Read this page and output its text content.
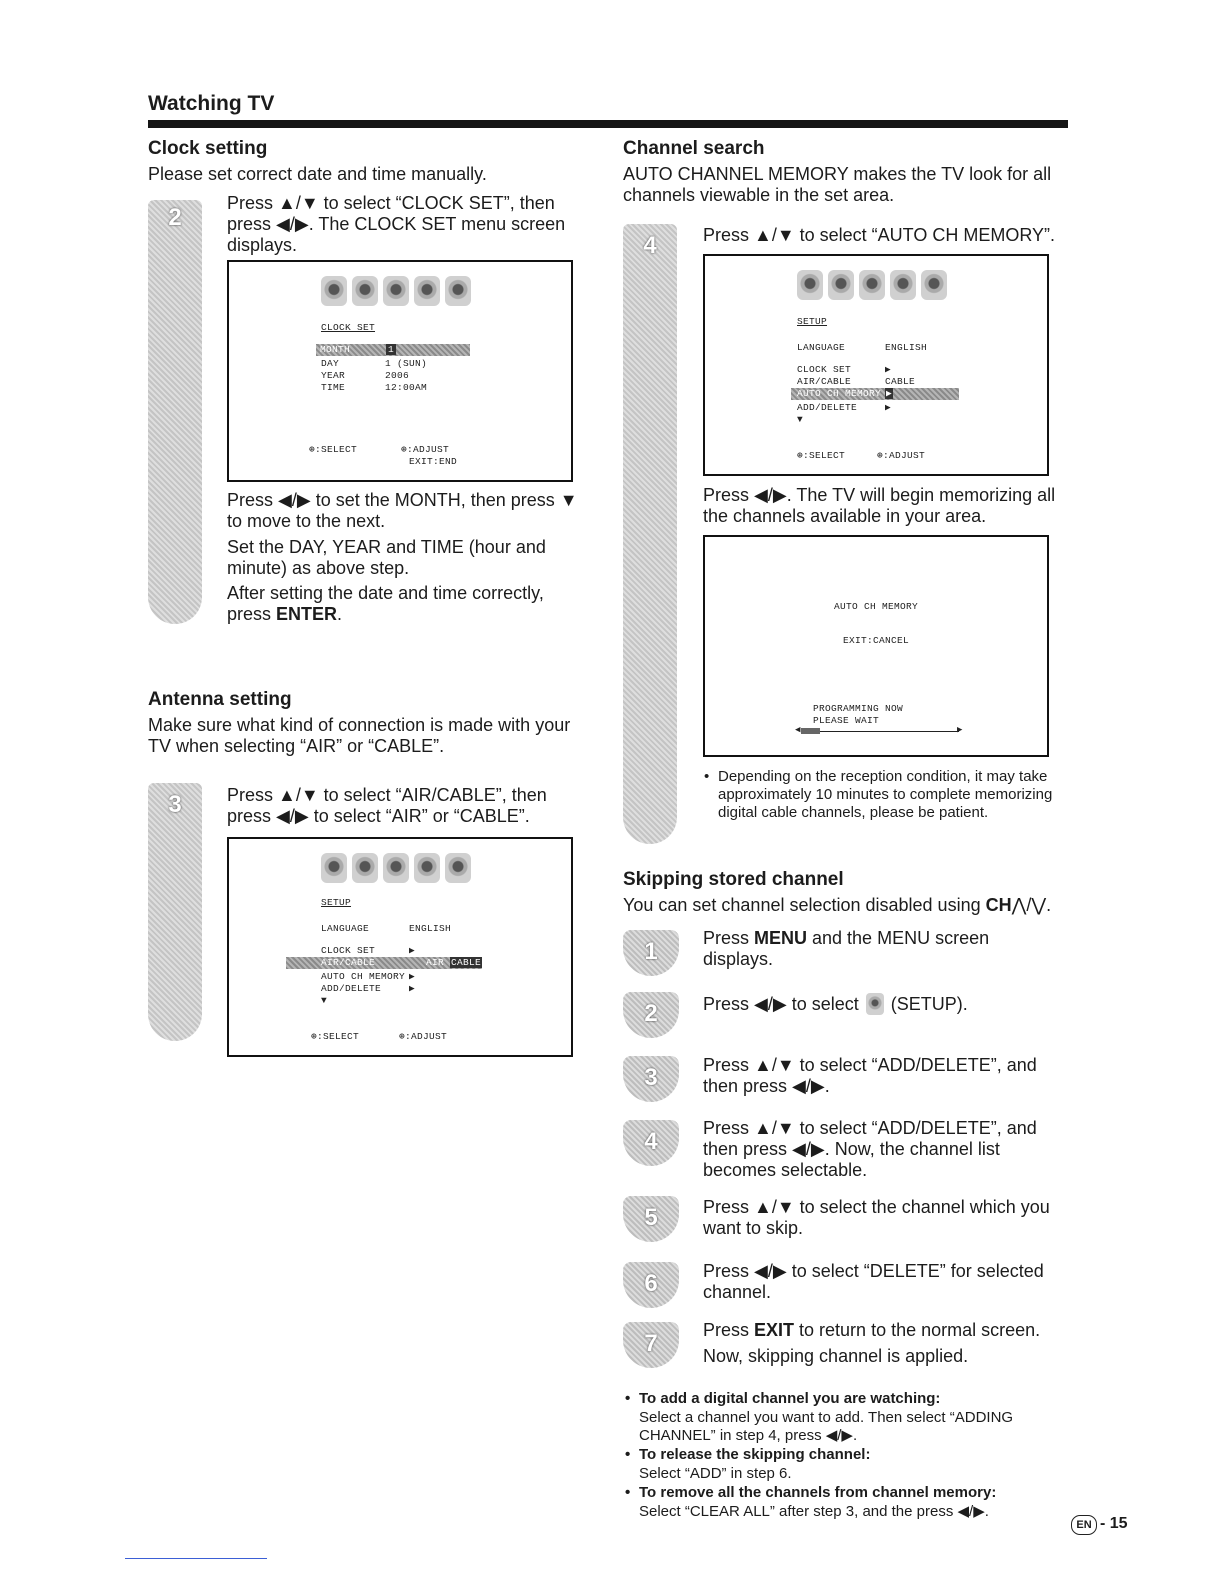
Watching TV
Clock setting
Please set correct date and time manually.
2
Press ▲/▼ to select “CLOCK SET”, then press ◀/▶. The CLOCK SET menu screen displays.
CLOCK SET
MONTH	1
DAY	1 (SUN)
YEAR	2006
TIME	12:00AM
⊕:SELECT	⊕:ADJUST
EXIT:END
Press ◀/▶ to set the MONTH, then press ▼ to move to the next.
Set the DAY, YEAR and TIME (hour and minute) as above step.
After setting the date and time correctly, press ENTER.
Antenna setting
Make sure what kind of connection is made with your TV when selecting “AIR” or “CABLE”.
3	Press ▲/▼ to select “AIR/CABLE”, then press ◀/▶ to select “AIR” or “CABLE”.
SETUP
LANGUAGE	ENGLISH
CLOCK SET	▶
AIR/CABLE	AIR CABLE
AUTO CH MEMORY ▶
ADD/DELETE	▶
▼
⊕:SELECT	⊕:ADJUST
Channel search
AUTO CHANNEL MEMORY makes the TV look for all channels viewable in the set area.
4	Press ▲/▼ to select “AUTO CH MEMORY”.
SETUP
LANGUAGE	ENGLISH
CLOCK SET	▶
AIR/CABLE	CABLE
AUTO CH MEMORY ▶
ADD/DELETE	▶
▼
⊕:SELECT	⊕:ADJUST
Press ◀/▶. The TV will begin memorizing all the channels available in your area.
AUTO CH MEMORY
EXIT:CANCEL
PROGRAMMING NOW
PLEASE WAIT
◀	▶
• Depending on the reception condition, it may take approximately 10 minutes to complete memorizing digital cable channels, please be patient.
Skipping stored channel
You can set channel selection disabled using CH⋀/⋁.
1	Press MENU and the MENU screen displays.
2	Press ◀/▶ to select  (SETUP).
3	Press ▲/▼ to select “ADD/DELETE”, and then press ◀/▶.
4	Press ▲/▼ to select “ADD/DELETE”, and then press ◀/▶. Now, the channel list becomes selectable.
5	Press ▲/▼ to select the channel which you want to skip.
6	Press ◀/▶ to select “DELETE” for selected channel.
7	Press EXIT to return to the normal screen.
Now, skipping channel is applied.
• To add a digital channel you are watching:
Select a channel you want to add. Then select “ADDING CHANNEL” in step 4, press ◀/▶.
• To release the skipping channel:
Select “ADD” in step 6.
• To remove all the channels from channel memory:
Select “CLEAR ALL” after step 3, and the press ◀/▶.
EN - 15
